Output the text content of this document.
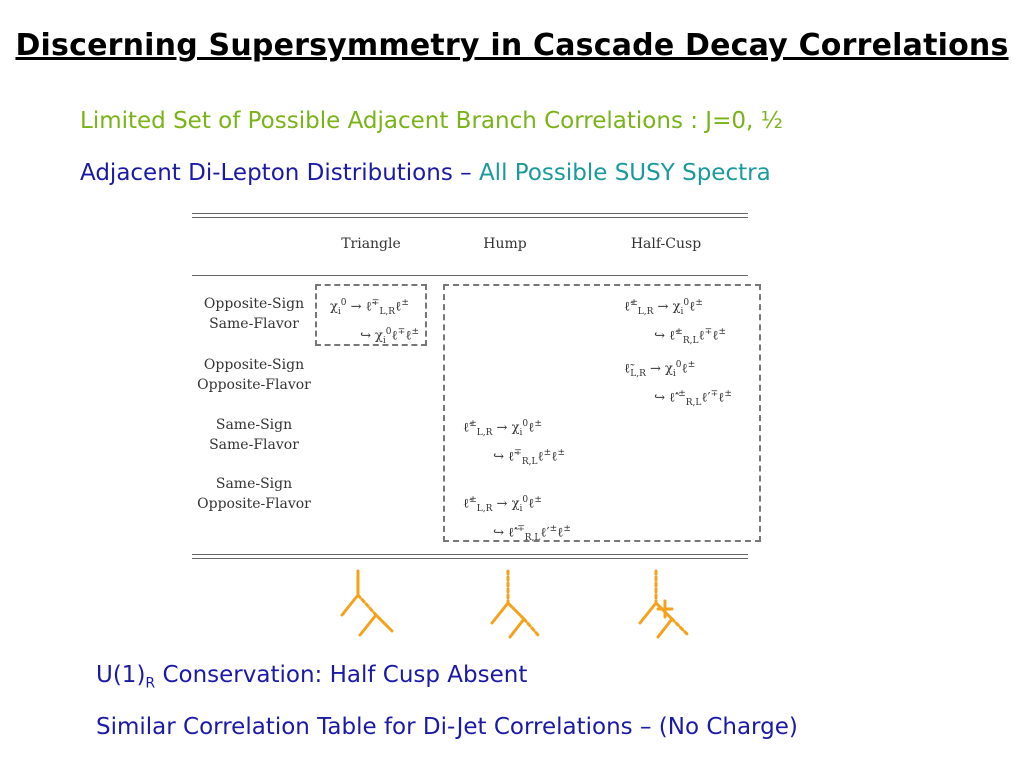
Discerning Supersymmetry in Cascade Decay Correlations
Limited Set of Possible Adjacent Branch Correlations : J=0, ½
Adjacent Di-Lepton Distributions – All Possible SUSY Spectra
Triangle	Hump	Half-Cusp
Opposite-Sign
Same-Flavor
Opposite-Sign
Opposite-Flavor
Same-Sign
Same-Flavor
Same-Sign
Opposite-Flavor
$\chi_i^0$ → $\ell̃^\mp_{L,R}\ell^\pm$
↪ $\chi_i^0\ell^\mp\ell^\pm$
$\ell̃^\pm_{L,R}$ → $\chi_i^0\ell^\pm$
↪ $\ell̃^\pm_{R,L}\ell^\mp\ell^\pm$
$\ell̃_{L,R}$ → $\chi_i^0\ell^\pm$
↪ $\ell̃'^\pm_{R,L}\ell'^\mp\ell^\pm$
$\ell̃^\pm_{L,R}$ → $\chi_i^0\ell^\pm$
↪ $\ell̃^\mp_{R,L}\ell^\pm\ell^\pm$
$\ell̃^\pm_{L,R}$ → $\chi_i^0\ell^\pm$
↪ $\ell̃'^\mp_{R,L}\ell'^\pm\ell^\pm$
$U(1)_R$ Conservation: Half Cusp Absent
Similar Correlation Table for Di-Jet Correlations – (No Charge)
